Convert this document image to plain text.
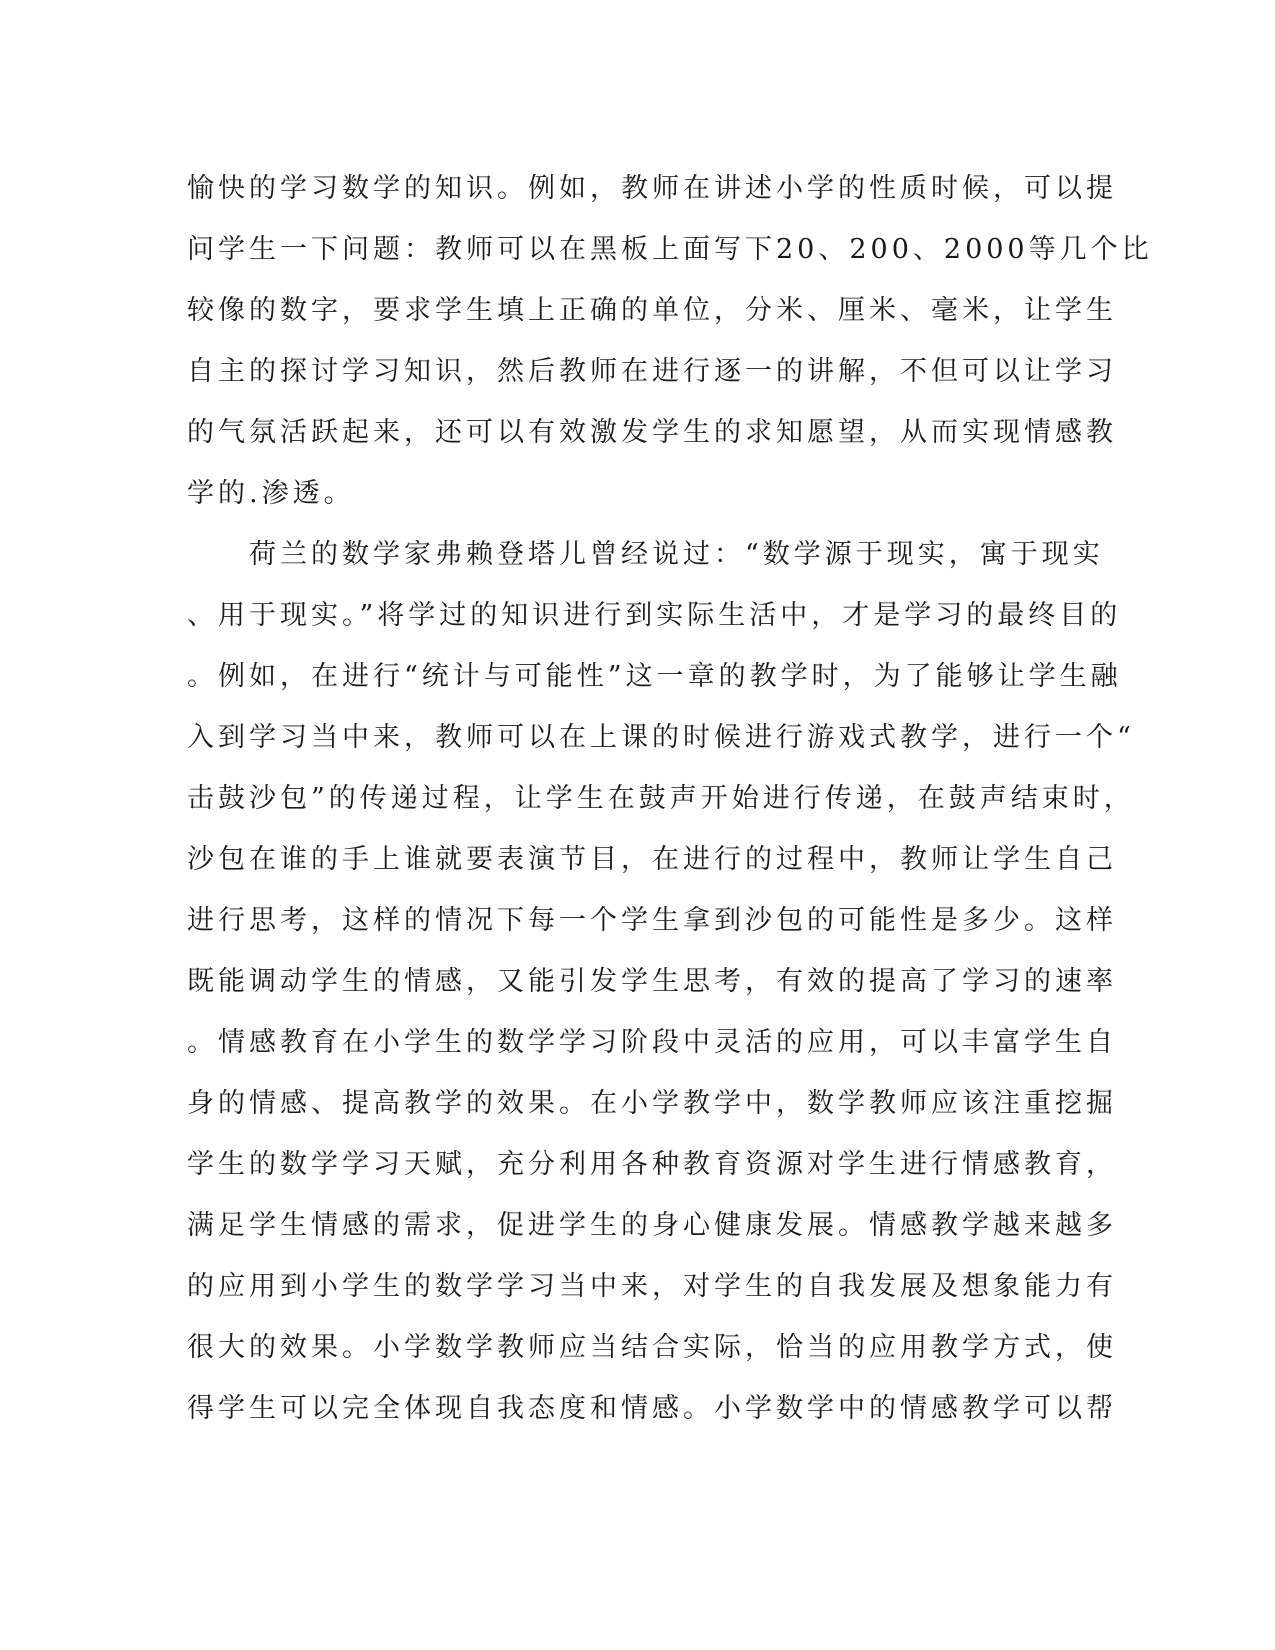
愉快的学习数学的知识。例如，教师在讲述小学的性质时候，可以提
问学生一下问题：教师可以在黑板上面写下20、200、2000等几个比
较像的数字，要求学生填上正确的单位，分米、厘米、毫米，让学生
自主的探讨学习知识，然后教师在进行逐一的讲解，不但可以让学习
的气氛活跃起来，还可以有效激发学生的求知愿望，从而实现情感教
学的.渗透。
　　荷兰的数学家弗赖登塔儿曾经说过：“数学源于现实，寓于现实
、用于现实。”将学过的知识进行到实际生活中，才是学习的最终目的
。例如，在进行“统计与可能性”这一章的教学时，为了能够让学生融
入到学习当中来，教师可以在上课的时候进行游戏式教学，进行一个“
击鼓沙包”的传递过程，让学生在鼓声开始进行传递，在鼓声结束时，
沙包在谁的手上谁就要表演节目，在进行的过程中，教师让学生自己
进行思考，这样的情况下每一个学生拿到沙包的可能性是多少。这样
既能调动学生的情感，又能引发学生思考，有效的提高了学习的速率
。情感教育在小学生的数学学习阶段中灵活的应用，可以丰富学生自
身的情感、提高教学的效果。在小学教学中，数学教师应该注重挖掘
学生的数学学习天赋，充分利用各种教育资源对学生进行情感教育，
满足学生情感的需求，促进学生的身心健康发展。情感教学越来越多
的应用到小学生的数学学习当中来，对学生的自我发展及想象能力有
很大的效果。小学数学教师应当结合实际，恰当的应用教学方式，使
得学生可以完全体现自我态度和情感。小学数学中的情感教学可以帮
